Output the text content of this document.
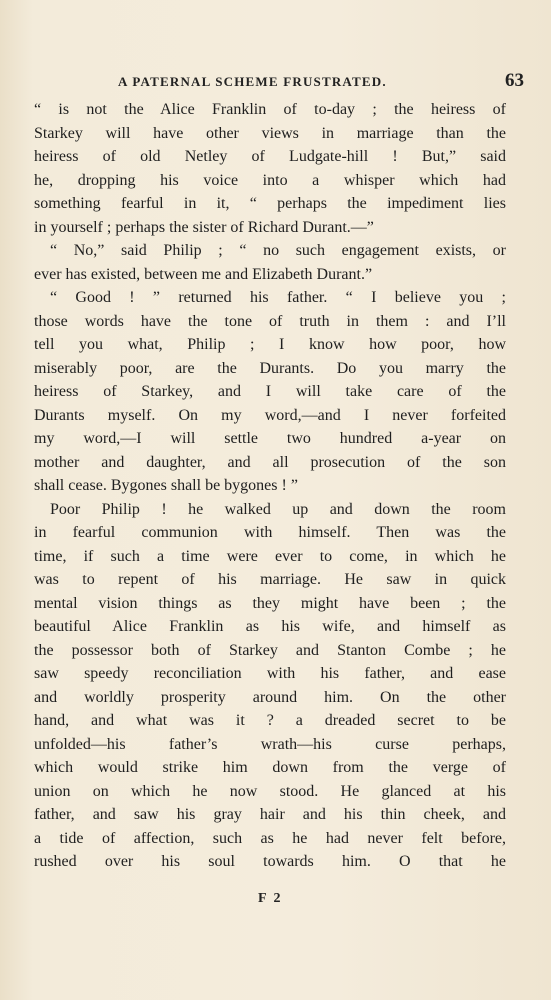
A PATERNAL SCHEME FRUSTRATED.	63
“ is not the Alice Franklin of to-day ; the heiress of
Starkey will have other views in marriage than the
heiress of old Netley of Ludgate-hill ! But,” said
he, dropping his voice into a whisper which had
something fearful in it, “ perhaps the impediment lies
in yourself ; perhaps the sister of Richard Durant.—”
“ No,” said Philip ; “ no such engagement exists, or
ever has existed, between me and Elizabeth Durant.”
“ Good ! ” returned his father. “ I believe you ;
those words have the tone of truth in them : and I’ll
tell you what, Philip ; I know how poor, how
miserably poor, are the Durants. Do you marry the
heiress of Starkey, and I will take care of the
Durants myself. On my word,—and I never forfeited
my word,—I will settle two hundred a-year on
mother and daughter, and all prosecution of the son
shall cease. Bygones shall be bygones ! ”
Poor Philip ! he walked up and down the room
in fearful communion with himself. Then was the
time, if such a time were ever to come, in which he
was to repent of his marriage. He saw in quick
mental vision things as they might have been ; the
beautiful Alice Franklin as his wife, and himself as
the possessor both of Starkey and Stanton Combe ; he
saw speedy reconciliation with his father, and ease
and worldly prosperity around him. On the other
hand, and what was it ? a dreaded secret to be
unfolded—his father’s wrath—his curse perhaps,
which would strike him down from the verge of
union on which he now stood. He glanced at his
father, and saw his gray hair and his thin cheek, and
a tide of affection, such as he had never felt before,
rushed over his soul towards him. O that he
F 2
